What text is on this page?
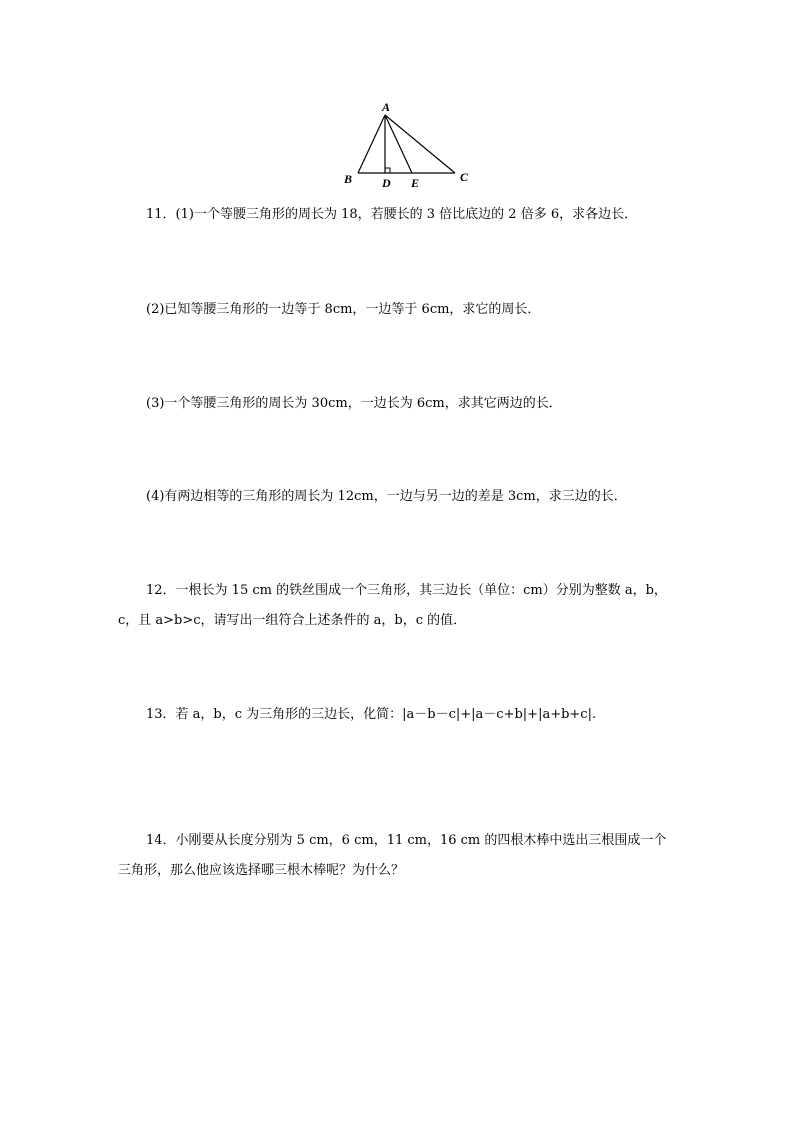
A
B D E	C
11．(1)一个等腰三角形的周长为 18，若腰长的 3 倍比底边的 2 倍多 6，求各边长．
(2)已知等腰三角形的一边等于 8cm，一边等于 6cm，求它的周长．
(3)一个等腰三角形的周长为 30cm，一边长为 6cm，求其它两边的长．
(4)有两边相等的三角形的周长为 12cm，一边与另一边的差是 3cm，求三边的长．
12．一根长为 15 cm 的铁丝围成一个三角形，其三边长（单位：cm）分别为整数 a，b，
c，且 a>b>c，请写出一组符合上述条件的 a，b，c 的值．
13．若 a，b，c 为三角形的三边长，化简：|a－b－c|+|a－c+b|+|a+b+c|.
14．小刚要从长度分别为 5 cm，6 cm，11 cm，16 cm 的四根木棒中选出三根围成一个
三角形，那么他应该选择哪三根木棒呢？为什么？
